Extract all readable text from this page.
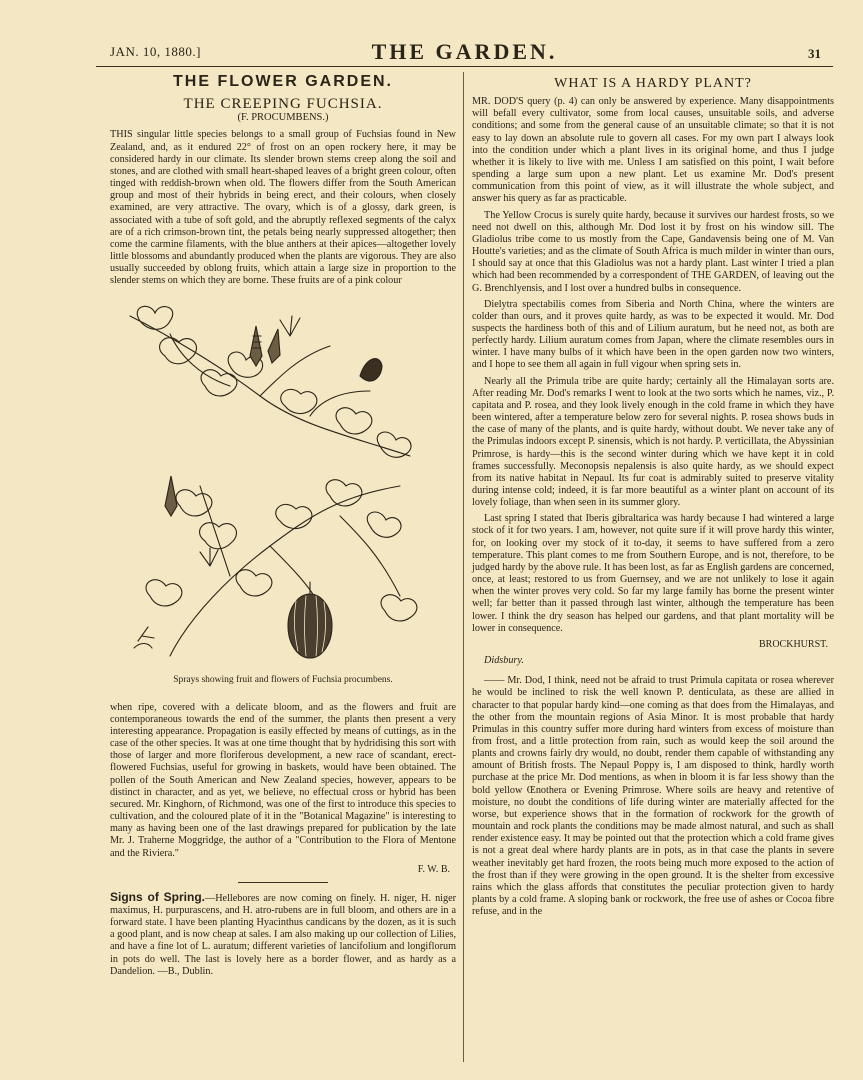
JAN. 10, 1880.]	THE GARDEN.	31
THE FLOWER GARDEN.
THE CREEPING FUCHSIA.
(F. PROCUMBENS.)

THIS singular little species belongs to a small group of Fuchsias found in New Zealand, and, as it endured 22° of frost on an open rockery here, it may be considered hardy in our climate. Its slender brown stems creep along the soil and stones, and are clothed with small heart-shaped leaves of a bright green colour, often tinged with reddish-brown when old. The flowers differ from the South American group and most of their hybrids in being erect, and their colours, when closely examined, are very attractive. The ovary, which is of a glossy, dark green, is associated with a tube of soft gold, and the abruptly reflexed segments of the calyx are of a rich crimson-brown tint, the petals being nearly suppressed altogether; then come the carmine filaments, with the blue anthers at their apices—altogether lovely little blossoms and abundantly produced when the plants are vigorous. They are also usually succeeded by oblong fruits, which attain a large size in proportion to the slender stems on which they are borne. These fruits are of a pink colour

Sprays showing fruit and flowers of Fuchsia procumbens.

when ripe, covered with a delicate bloom, and as the flowers and fruit are contemporaneous towards the end of the summer, the plants then present a very interesting appearance. Propagation is easily effected by means of cuttings, as in the case of the other species. It was at one time thought that by hydridising this sort with those of larger and more floriferous development, a new race of scandant, erect-flowered Fuchsias, useful for growing in baskets, would have been obtained. The pollen of the South American and New Zealand species, however, appears to be distinct in character, and as yet, we believe, no effectual cross or hybrid has been secured. Mr. Kinghorn, of Richmond, was one of the first to introduce this species to cultivation, and the coloured plate of it in the "Botanical Magazine" is interesting to many as having been one of the last drawings prepared for publication by the late Mr. J. Traherne Moggridge, the author of a "Contribution to the Flora of Mentone and the Riviera."

F. W. B.

Signs of Spring.—Hellebores are now coming on finely. H. niger, H. niger maximus, H. purpurascens, and H. atro-rubens are in full bloom, and others are in a forward state. I have been planting Hyacinthus candicans by the dozen, as it is such a good plant, and is now cheap at sales. I am also making up our collection of Lilies, and have a fine lot of L. auratum; different varieties of lancifolium and longiflorum in pots do well. The last is lovely here as a border flower, and as hardy as a Dandelion. —B., Dublin.

WHAT IS A HARDY PLANT?

MR. DOD'S query (p. 4) can only be answered by experience. Many disappointments will befall every cultivator, some from local causes, unsuitable soils, and adverse conditions; and some from the general cause of an unsuitable climate; so that it is not easy to lay down an absolute rule to govern all cases. For my own part I always look into the condition under which a plant lives in its original home, and thus I judge whether it is likely to live with me. Unless I am satisfied on this point, I wait before spending a large sum upon a new plant. Let us examine Mr. Dod's present communication from this point of view, as it will illustrate the whole subject, and answer his query as far as practicable.

The Yellow Crocus is surely quite hardy, because it survives our hardest frosts, so we need not dwell on this, although Mr. Dod lost it by frost on his window sill. The Gladiolus tribe come to us mostly from the Cape, Gandavensis being one of M. Van Houtte's varieties; and as the climate of South Africa is much milder in winter than ours, I should say at once that this Gladiolus was not a hardy plant. Last winter I tried a plan which had been recommended by a correspondent of THE GARDEN, of leaving out the G. Brenchlyensis, and I lost over a hundred bulbs in consequence.

Dielytra spectabilis comes from Siberia and North China, where the winters are colder than ours, and it proves quite hardy, as was to be expected it would. Mr. Dod suspects the hardiness both of this and of Lilium auratum, but he need not, as both are perfectly hardy. Lilium auratum comes from Japan, where the climate resembles ours in winter. I have many bulbs of it which have been in the open garden now two winters, and I hope to see them all again in full vigour when spring sets in.

Nearly all the Primula tribe are quite hardy; certainly all the Himalayan sorts are. After reading Mr. Dod's remarks I went to look at the two sorts which he names, viz., P. capitata and P. rosea, and they look lively enough in the cold frame in which they have been wintered, after a temperature below zero for several nights. P. rosea shows buds in the case of many of the plants, and is quite hardy, without doubt. We never take any of the Primulas indoors except P. sinensis, which is not hardy. P. verticillata, the Abyssinian Primrose, is hardy—this is the second winter during which we have kept it in cold frames successfully. Meconopsis nepalensis is also quite hardy, as we should expect from its native habitat in Nepaul. Its fur coat is admirably suited to preserve vitality during intense cold; indeed, it is far more beautiful as a winter plant on account of its lovely foliage, than when seen in its summer glory.

Last spring I stated that Iberis gibraltarica was hardy because I had wintered a large stock of it for two years. I am, however, not quite sure if it will prove hardy this winter, for, on looking over my stock of it to-day, it seems to have suffered from a zero temperature. This plant comes to me from Southern Europe, and is not, therefore, to be judged hardy by the above rule. It has been lost, as far as English gardens are concerned, once, at least; restored to us from Guernsey, and we are not unlikely to lose it again when the winter proves very cold. So far my large family has borne the present winter well; far better than it passed through last winter, although the temperature has been lower. I think the dry season has helped our gardens, and that plant mortality will be lower in consequence.

BROCKHURST.
Didsbury.

—— Mr. Dod, I think, need not be afraid to trust Primula capitata or rosea wherever he would be inclined to risk the well known P. denticulata, as these are allied in character to that popular hardy kind—one coming as that does from the Himalayas, and the other from the mountain regions of Asia Minor. It is most probable that hardy Primulas in this country suffer more during hard winters from excess of moisture than from frost, and a little protection from rain, such as would keep the soil around the plants and crowns fairly dry would, no doubt, render them capable of withstanding any amount of British frosts. The Nepaul Poppy is, I am disposed to think, hardly worth purchase at the price Mr. Dod mentions, as when in bloom it is far less showy than the bold yellow Œnothera or Evening Primrose. Where soils are heavy and retentive of moisture, no doubt the conditions of life during winter are materially affected for the worse, but experience shows that in the formation of rockwork for the growth of mountain and rock plants the conditions may be made almost natural, and such as shall render existence easy. It may be pointed out that the protection which a cold frame gives is not a great deal where hardy plants are in pots, as in that case the plants in severe weather inevitably get hard frozen, the roots being much more exposed to the action of the frost than if they were growing in the open ground. It is the shelter from excessive rains which the glass affords that constitutes the peculiar protection given to hardy plants by a cold frame. A sloping bank or rockwork, the free use of ashes or Cocoa fibre refuse, and in the
